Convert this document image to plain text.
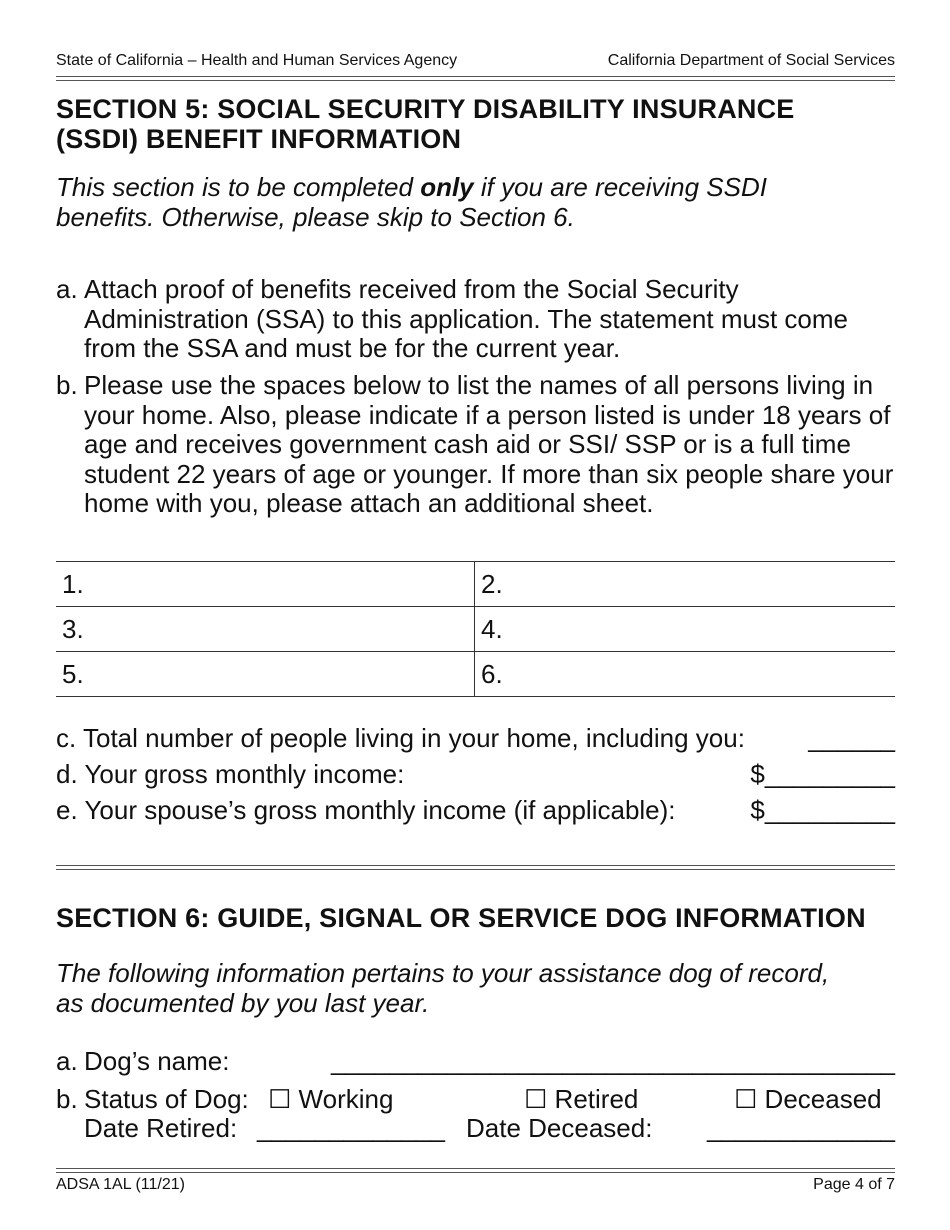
State of California – Health and Human Services Agency	California Department of Social Services
SECTION 5: SOCIAL SECURITY DISABILITY INSURANCE
(SSDI) BENEFIT INFORMATION
This section is to be completed only if you are receiving SSDI
benefits. Otherwise, please skip to Section 6.
a. Attach proof of benefits received from the Social Security Administration (SSA) to this application. The statement must come from the SSA and must be for the current year.
b. Please use the spaces below to list the names of all persons living in your home. Also, please indicate if a person listed is under 18 years of age and receives government cash aid or SSI/ SSP or is a full time student 22 years of age or younger. If more than six people share your home with you, please attach an additional sheet.
1.	2.
3.	4.
5.	6.
c. Total number of people living in your home, including you: ______
d. Your gross monthly income:	$_________
e. Your spouse’s gross monthly income (if applicable):	$_________
SECTION 6: GUIDE, SIGNAL OR SERVICE DOG INFORMATION
The following information pertains to your assistance dog of record,
as documented by you last year.
a. Dog’s name:	_______________________________________
b. Status of Dog: ☐ Working	☐ Retired	☐ Deceased
Date Retired: _____________ Date Deceased: _____________
ADSA 1AL (11/21)	Page 4 of 7
